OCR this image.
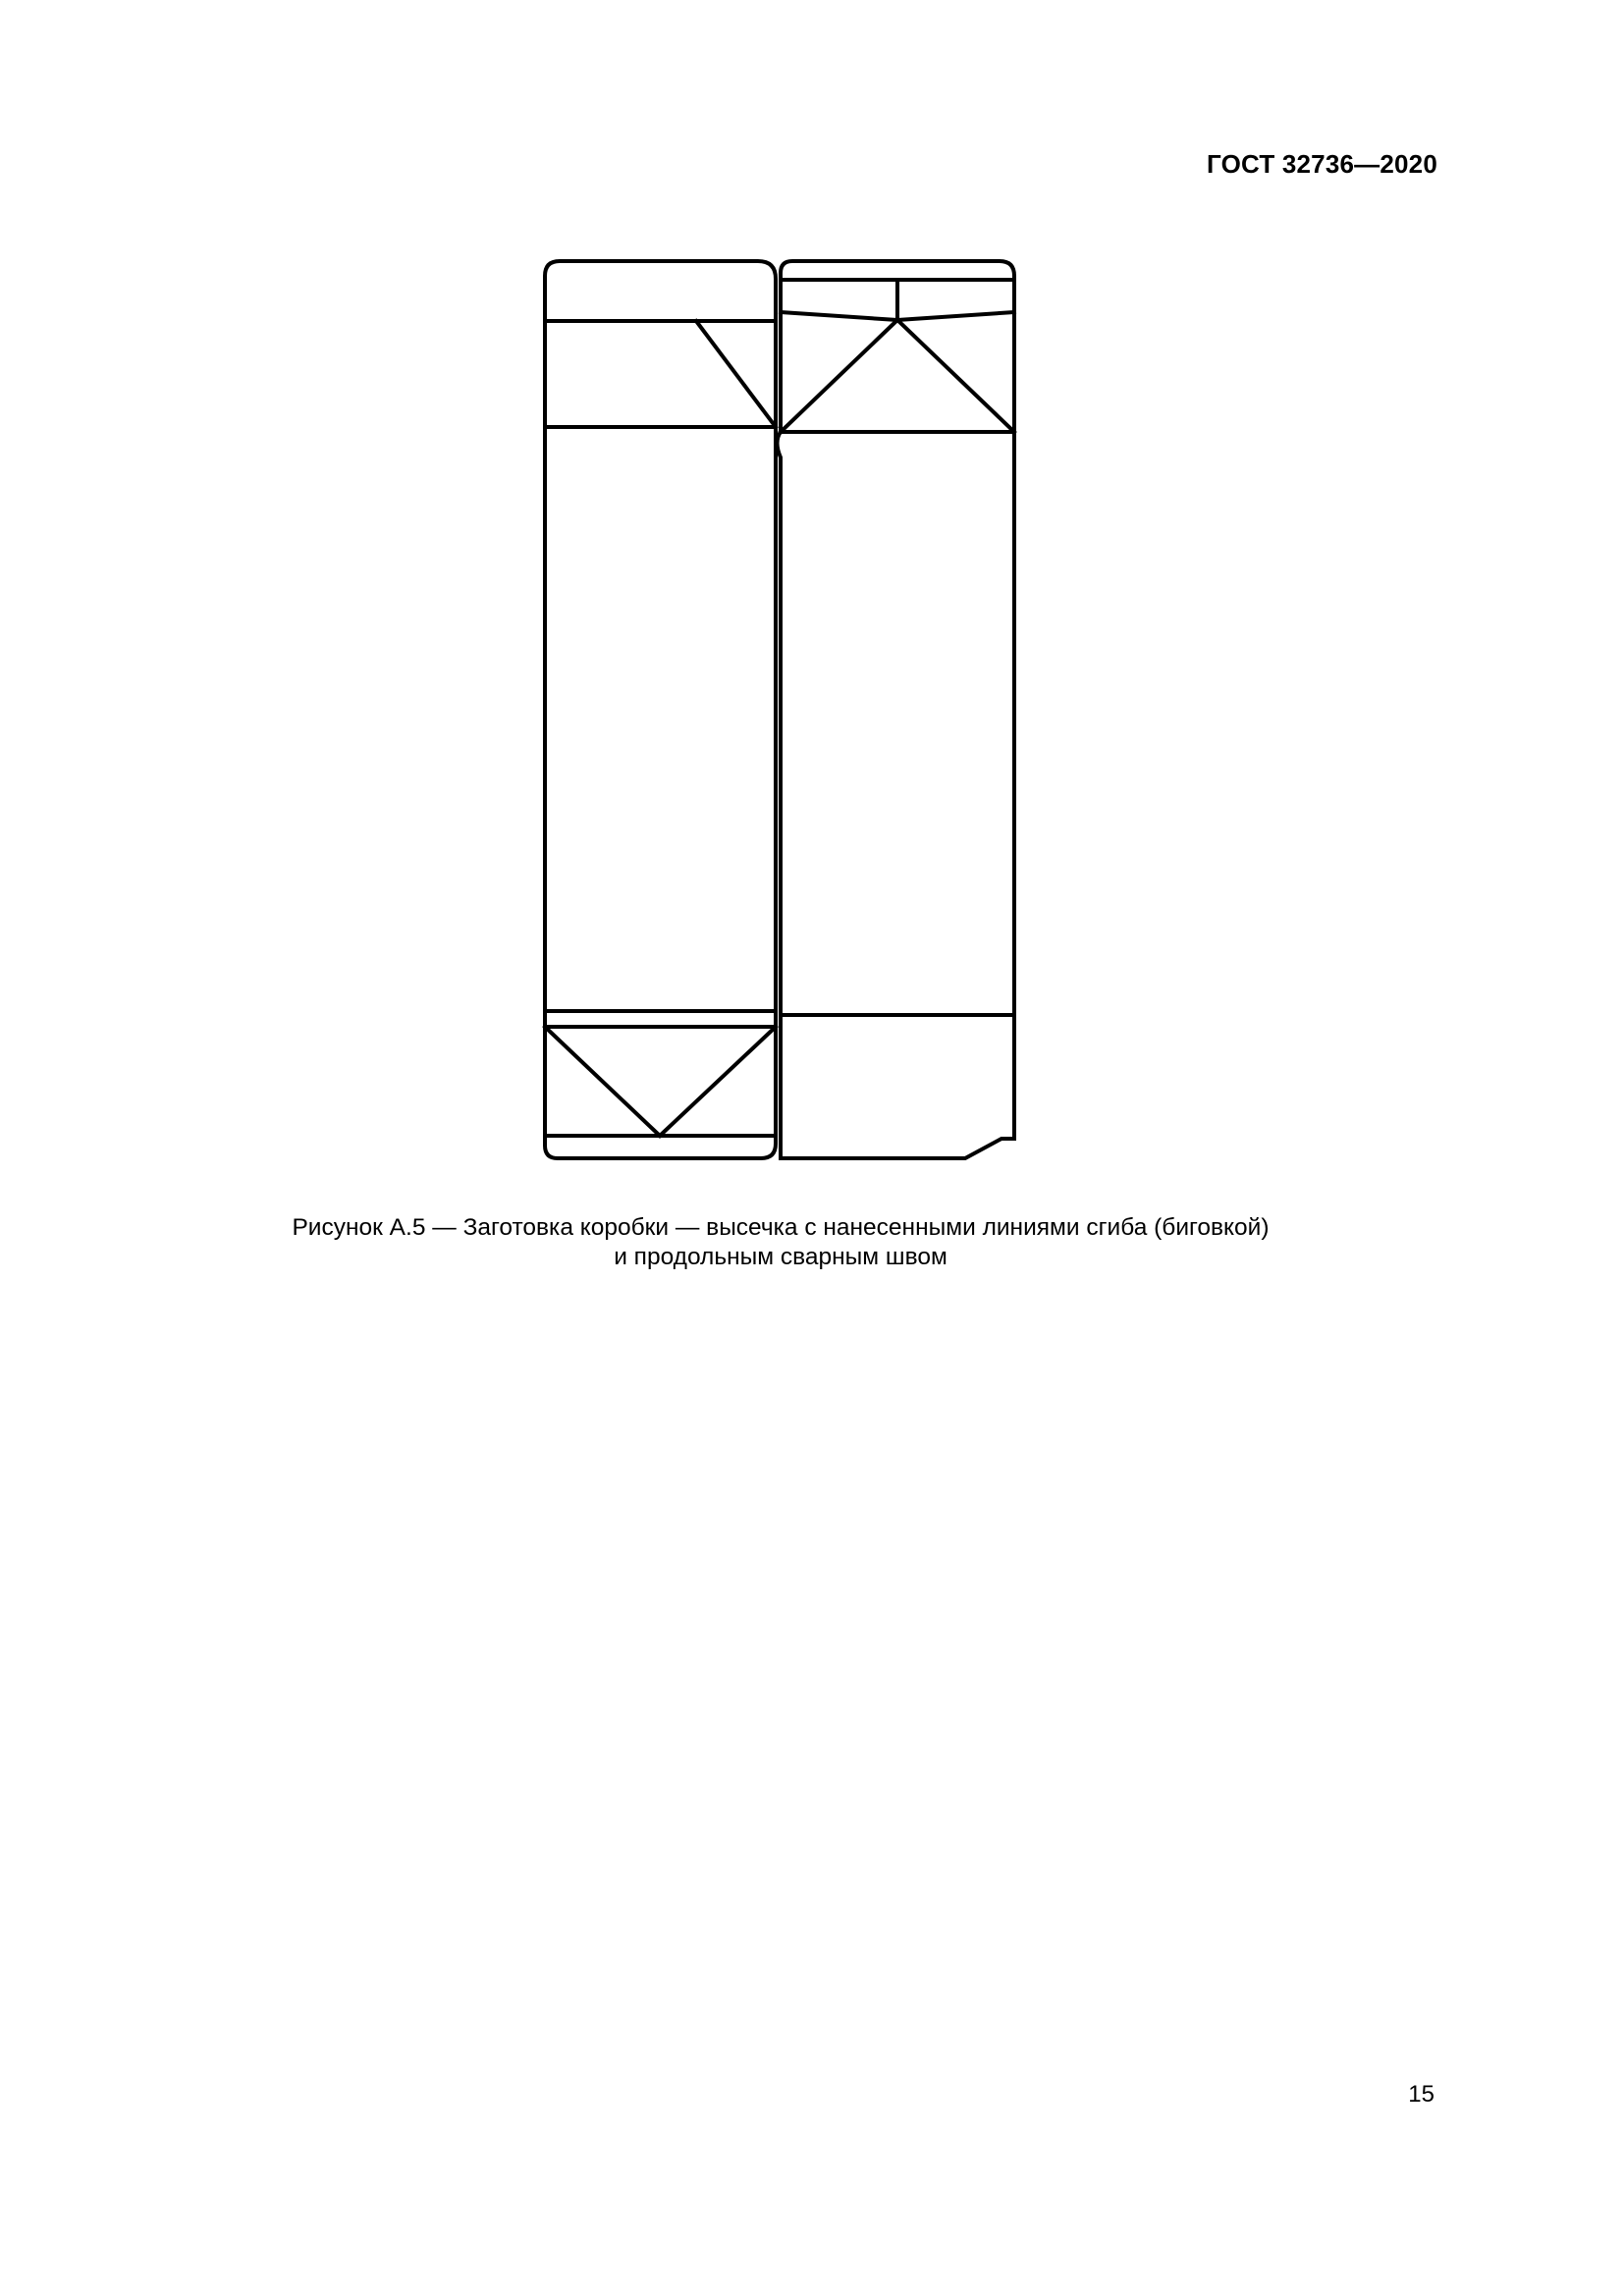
ГОСТ 32736—2020
Рисунок А.5 — Заготовка коробки — высечка с нанесенными линиями сгиба (биговкой)
и продольным сварным швом
15
